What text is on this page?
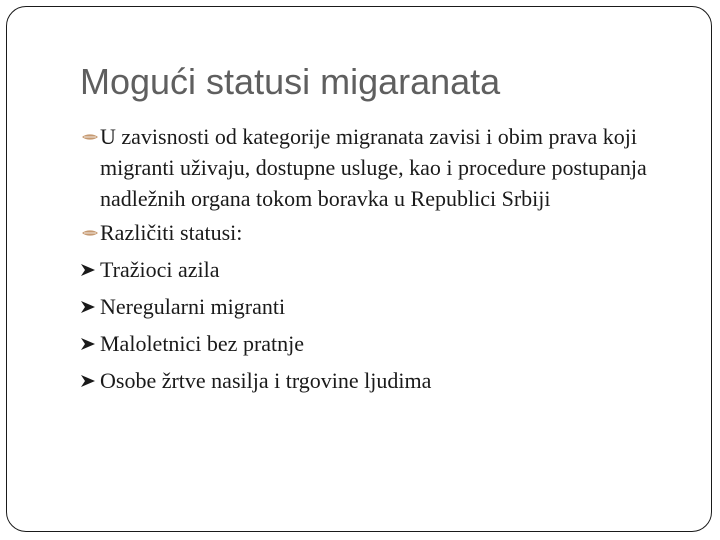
Mogući statusi migaranata
U zavisnosti od kategorije migranata zavisi i obim prava koji migranti uživaju, dostupne usluge, kao i procedure postupanja nadležnih organa tokom boravka u Republici Srbiji
Različiti statusi:
Tražioci azila
Neregularni migranti
Maloletnici bez pratnje
Osobe žrtve nasilja i trgovine ljudima
